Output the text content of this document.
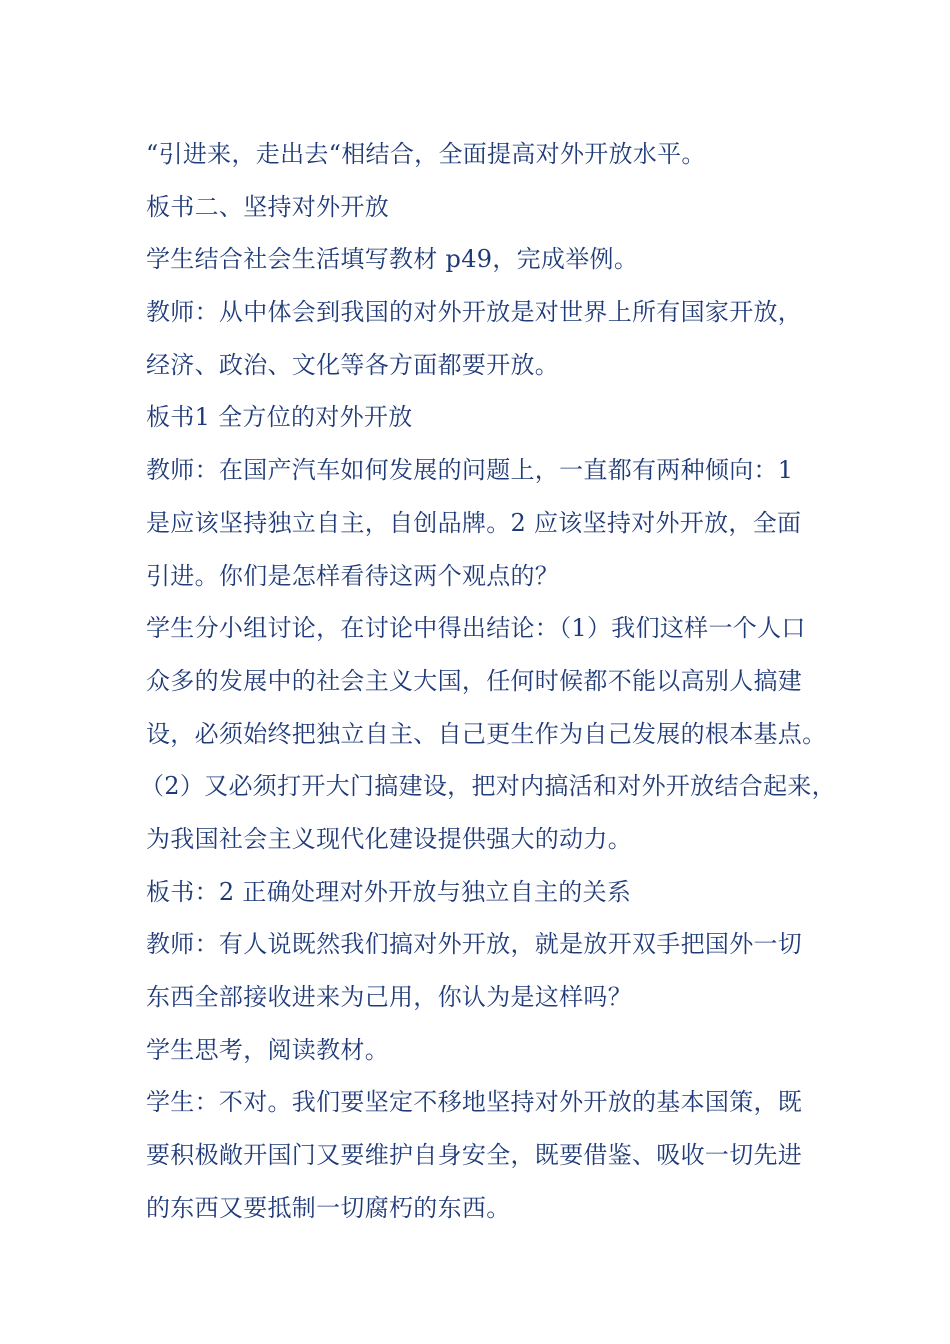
“引进来，走出去“相结合，全面提高对外开放水平。
板书二、坚持对外开放
学生结合社会生活填写教材 p49，完成举例。
教师：从中体会到我国的对外开放是对世界上所有国家开放，
经济、政治、文化等各方面都要开放。
板书1 全方位的对外开放
教师：在国产汽车如何发展的问题上，一直都有两种倾向：1
是应该坚持独立自主，自创品牌。2 应该坚持对外开放，全面
引进。你们是怎样看待这两个观点的？
学生分小组讨论，在讨论中得出结论：（1）我们这样一个人口
众多的发展中的社会主义大国，任何时候都不能以高别人搞建
设，必须始终把独立自主、自己更生作为自己发展的根本基点。
（2）又必须打开大门搞建设，把对内搞活和对外开放结合起来，
为我国社会主义现代化建设提供强大的动力。
板书：2 正确处理对外开放与独立自主的关系
教师：有人说既然我们搞对外开放，就是放开双手把国外一切
东西全部接收进来为己用，你认为是这样吗？
学生思考，阅读教材。
学生：不对。我们要坚定不移地坚持对外开放的基本国策，既
要积极敞开国门又要维护自身安全，既要借鉴、吸收一切先进
的东西又要抵制一切腐朽的东西。
